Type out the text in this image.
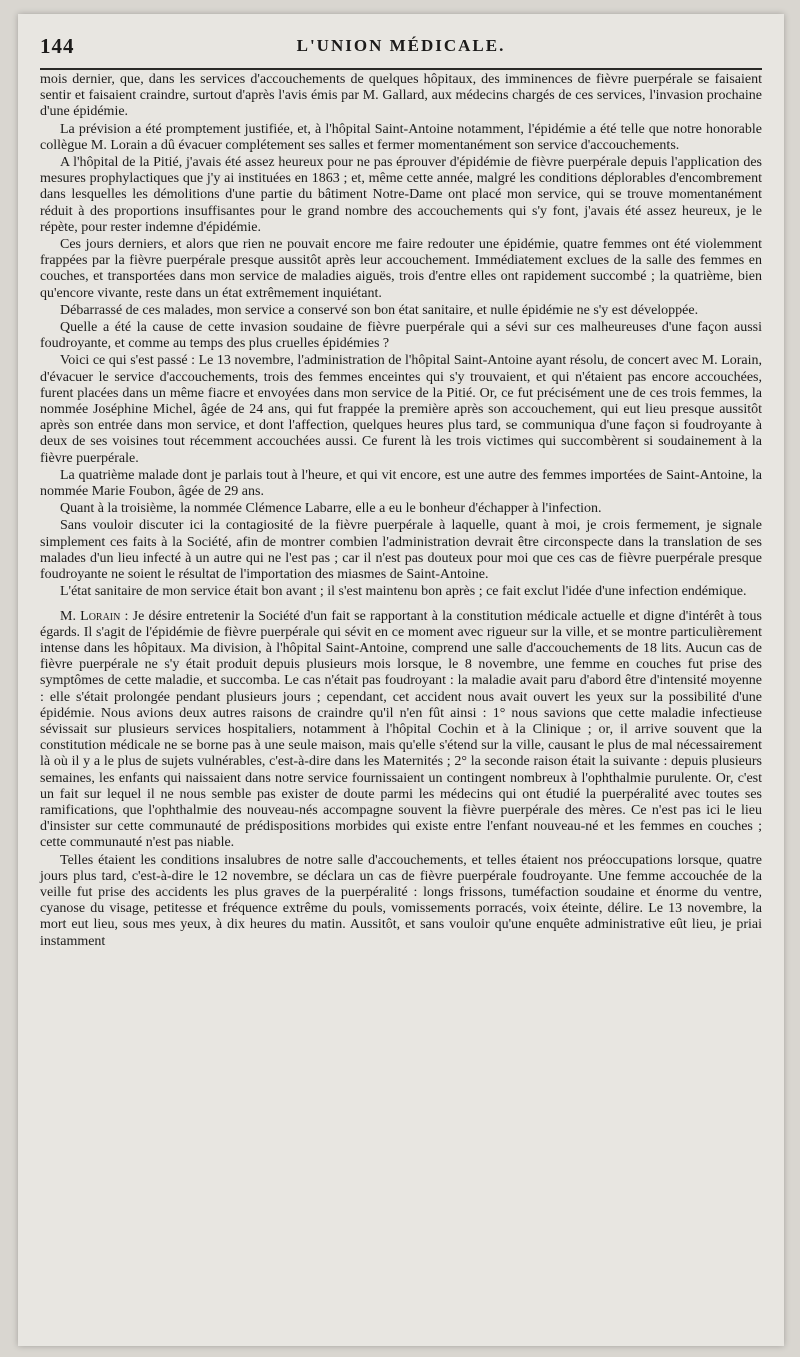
144	L'UNION MÉDICALE.

mois dernier, que, dans les services d'accouchements de quelques hôpitaux, des imminences de fièvre puerpérale se faisaient sentir et faisaient craindre, surtout d'après l'avis émis par M. Gallard, aux médecins chargés de ces services, l'invasion prochaine d'une épidémie.

La prévision a été promptement justifiée, et, à l'hôpital Saint-Antoine notamment, l'épidémie a été telle que notre honorable collègue M. Lorain a dû évacuer complétement ses salles et fermer momentanément son service d'accouchements.

A l'hôpital de la Pitié, j'avais été assez heureux pour ne pas éprouver d'épidémie de fièvre puerpérale depuis l'application des mesures prophylactiques que j'y ai instituées en 1863 ; et, même cette année, malgré les conditions déplorables d'encombrement dans lesquelles les démolitions d'une partie du bâtiment Notre-Dame ont placé mon service, qui se trouve momentanément réduit à des proportions insuffisantes pour le grand nombre des accouchements qui s'y font, j'avais été assez heureux, je le répète, pour rester indemne d'épidémie.

Ces jours derniers, et alors que rien ne pouvait encore me faire redouter une épidémie, quatre femmes ont été violemment frappées par la fièvre puerpérale presque aussitôt après leur accouchement. Immédiatement exclues de la salle des femmes en couches, et transportées dans mon service de maladies aiguës, trois d'entre elles ont rapidement succombé ; la quatrième, bien qu'encore vivante, reste dans un état extrêmement inquiétant.

Débarrassé de ces malades, mon service a conservé son bon état sanitaire, et nulle épidémie ne s'y est développée.

Quelle a été la cause de cette invasion soudaine de fièvre puerpérale qui a sévi sur ces malheureuses d'une façon aussi foudroyante, et comme au temps des plus cruelles épidémies ?

Voici ce qui s'est passé : Le 13 novembre, l'administration de l'hôpital Saint-Antoine ayant résolu, de concert avec M. Lorain, d'évacuer le service d'accouchements, trois des femmes enceintes qui s'y trouvaient, et qui n'étaient pas encore accouchées, furent placées dans un même fiacre et envoyées dans mon service de la Pitié. Or, ce fut précisément une de ces trois femmes, la nommée Joséphine Michel, âgée de 24 ans, qui fut frappée la première après son accouchement, qui eut lieu presque aussitôt après son entrée dans mon service, et dont l'affection, quelques heures plus tard, se communiqua d'une façon si foudroyante à deux de ses voisines tout récemment accouchées aussi. Ce furent là les trois victimes qui succombèrent si soudainement à la fièvre puerpérale.

La quatrième malade dont je parlais tout à l'heure, et qui vit encore, est une autre des femmes importées de Saint-Antoine, la nommée Marie Foubon, âgée de 29 ans.

Quant à la troisième, la nommée Clémence Labarre, elle a eu le bonheur d'échapper à l'infection.

Sans vouloir discuter ici la contagiosité de la fièvre puerpérale à laquelle, quant à moi, je crois fermement, je signale simplement ces faits à la Société, afin de montrer combien l'administration devrait être circonspecte dans la translation de ses malades d'un lieu infecté à un autre qui ne l'est pas ; car il n'est pas douteux pour moi que ces cas de fièvre puerpérale presque foudroyante ne soient le résultat de l'importation des miasmes de Saint-Antoine.

L'état sanitaire de mon service était bon avant ; il s'est maintenu bon après ; ce fait exclut l'idée d'une infection endémique.

M. Lorain : Je désire entretenir la Société d'un fait se rapportant à la constitution médicale actuelle et digne d'intérêt à tous égards. Il s'agit de l'épidémie de fièvre puerpérale qui sévit en ce moment avec rigueur sur la ville, et se montre particulièrement intense dans les hôpitaux. Ma division, à l'hôpital Saint-Antoine, comprend une salle d'accouchements de 18 lits. Aucun cas de fièvre puerpérale ne s'y était produit depuis plusieurs mois lorsque, le 8 novembre, une femme en couches fut prise des symptômes de cette maladie, et succomba. Le cas n'était pas foudroyant : la maladie avait paru d'abord être d'intensité moyenne : elle s'était prolongée pendant plusieurs jours ; cependant, cet accident nous avait ouvert les yeux sur la possibilité d'une épidémie. Nous avions deux autres raisons de craindre qu'il n'en fût ainsi : 1° nous savions que cette maladie infectieuse sévissait sur plusieurs services hospitaliers, notamment à l'hôpital Cochin et à la Clinique ; or, il arrive souvent que la constitution médicale ne se borne pas à une seule maison, mais qu'elle s'étend sur la ville, causant le plus de mal nécessairement là où il y a le plus de sujets vulnérables, c'est-à-dire dans les Maternités ; 2° la seconde raison était la suivante : depuis plusieurs semaines, les enfants qui naissaient dans notre service fournissaient un contingent nombreux à l'ophthalmie purulente. Or, c'est un fait sur lequel il ne nous semble pas exister de doute parmi les médecins qui ont étudié la puerpéralité avec toutes ses ramifications, que l'ophthalmie des nouveau-nés accompagne souvent la fièvre puerpérale des mères. Ce n'est pas ici le lieu d'insister sur cette communauté de prédispositions morbides qui existe entre l'enfant nouveau-né et les femmes en couches ; cette communauté n'est pas niable.

Telles étaient les conditions insalubres de notre salle d'accouchements, et telles étaient nos préoccupations lorsque, quatre jours plus tard, c'est-à-dire le 12 novembre, se déclara un cas de fièvre puerpérale foudroyante. Une femme accouchée de la veille fut prise des accidents les plus graves de la puerpéralité : longs frissons, tuméfaction soudaine et énorme du ventre, cyanose du visage, petitesse et fréquence extrême du pouls, vomissements porracés, voix éteinte, délire. Le 13 novembre, la mort eut lieu, sous mes yeux, à dix heures du matin. Aussitôt, et sans vouloir qu'une enquête administrative eût lieu, je priai instamment
